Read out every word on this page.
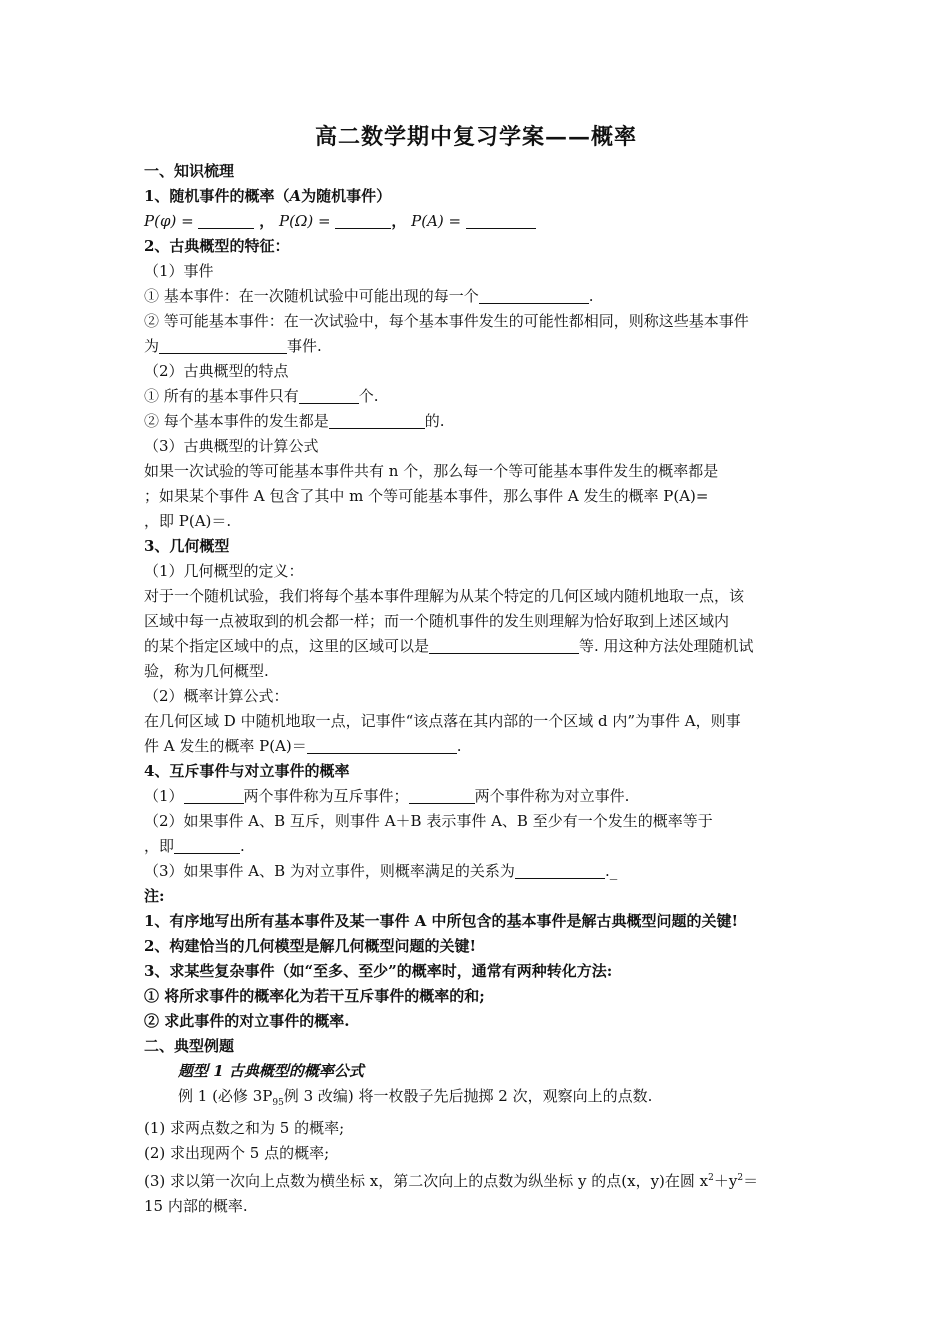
高二数学期中复习学案——概率
一、知识梳理
1、随机事件的概率（A为随机事件）
P(φ) =	， P(Ω) =	， P(A) =
2、古典概型的特征：
（1）事件
① 基本事件：在一次随机试验中可能出现的每一个	.
② 等可能基本事件：在一次试验中，每个基本事件发生的可能性都相同，则称这些基本事件
为	事件.
（2）古典概型的特点
① 所有的基本事件只有	个.
② 每个基本事件的发生都是	的.
（3）古典概型的计算公式
如果一次试验的等可能基本事件共有 n 个，那么每一个等可能基本事件发生的概率都是
；如果某个事件 A 包含了其中 m 个等可能基本事件，那么事件 A 发生的概率 P(A)=
，即 P(A)＝.
3、几何概型
（1）几何概型的定义：
对于一个随机试验，我们将每个基本事件理解为从某个特定的几何区域内随机地取一点，该
区域中每一点被取到的机会都一样；而一个随机事件的发生则理解为恰好取到上述区域内
的某个指定区域中的点，这里的区域可以是	等. 用这种方法处理随机试
验，称为几何概型.
（2）概率计算公式：
在几何区域 D 中随机地取一点，记事件“该点落在其内部的一个区域 d 内”为事件 A，则事
件 A 发生的概率 P(A)＝	.
4、互斥事件与对立事件的概率
（1）	两个事件称为互斥事件；	两个事件称为对立事件.
（2）如果事件 A、B 互斥，则事件 A＋B 表示事件 A、B 至少有一个发生的概率等于
，即	.
（3）如果事件 A、B 为对立事件，则概率满足的关系为	._
注:
1、有序地写出所有基本事件及某一事件 A 中所包含的基本事件是解古典概型问题的关键!
2、构建恰当的几何模型是解几何概型问题的关键!
3、求某些复杂事件（如“至多、至少”的概率时，通常有两种转化方法:
① 将所求事件的概率化为若干互斥事件的概率的和;
② 求此事件的对立事件的概率.
二、典型例题
题型 1 古典概型的概率公式
例 1 (必修 $3P_{95}$例 3 改编) 将一枚骰子先后抛掷 2 次，观察向上的点数.
(1) 求两点数之和为 5 的概率;
(2) 求出现两个 5 点的概率;
(3) 求以第一次向上点数为横坐标 x，第二次向上的点数为纵坐标 y 的点(x，y)在圆 $x^2+y^2=$
15 内部的概率.
